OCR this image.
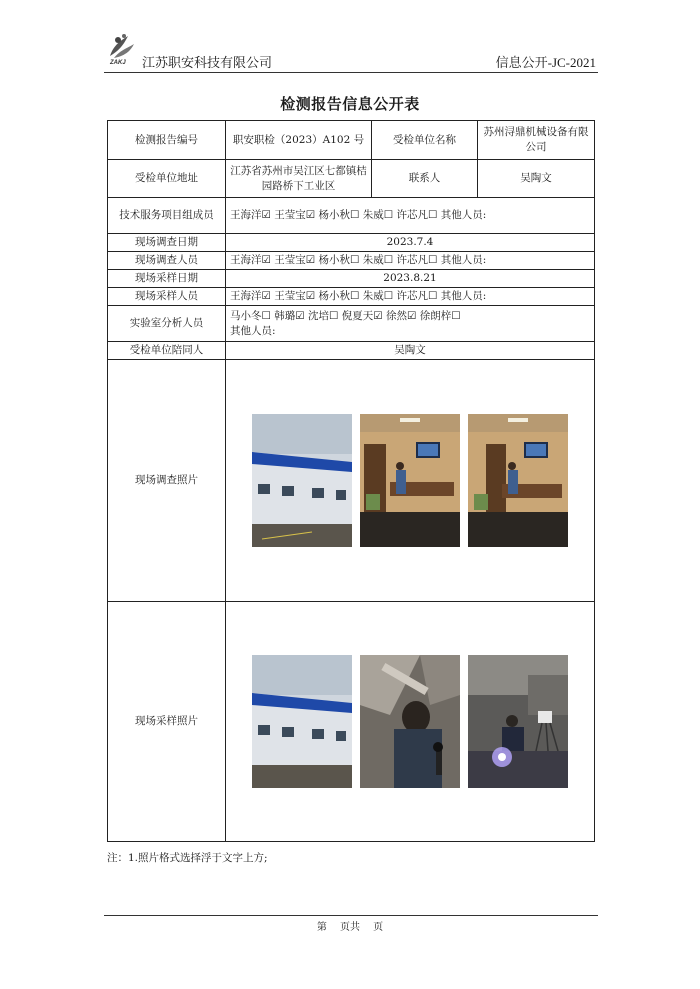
ZAKJ 江苏职安科技有限公司	信息公开-JC-2021
检测报告信息公开表
检测报告编号	职安职检（2023）A102 号	受检单位名称	苏州浔鼎机械设备有限公司
受检单位地址	江苏省苏州市吴江区七都镇桔园路桥下工业区	联系人	吴陶文
技术服务项目组成员	王海洋☑ 王莹宝☑ 杨小秋☐ 朱威☐ 许芯凡☐ 其他人员:		
现场调查日期	2023.7.4		
现场调查人员	王海洋☑ 王莹宝☑ 杨小秋☐ 朱威☐ 许芯凡☐ 其他人员:		
现场采样日期	2023.8.21		
现场采样人员	王海洋☑ 王莹宝☑ 杨小秋☐ 朱威☐ 许芯凡☐ 其他人员:		
实验室分析人员	马小冬☐ 韩璐☑ 沈培☐ 倪夏天☑ 徐然☑ 徐朗梓☐
其他人员:		

受检单位陪同人	吴陶文		
现场调查照片	

现场采样照片	
注：1.照片格式选择浮于文字上方;
第 页共 页
